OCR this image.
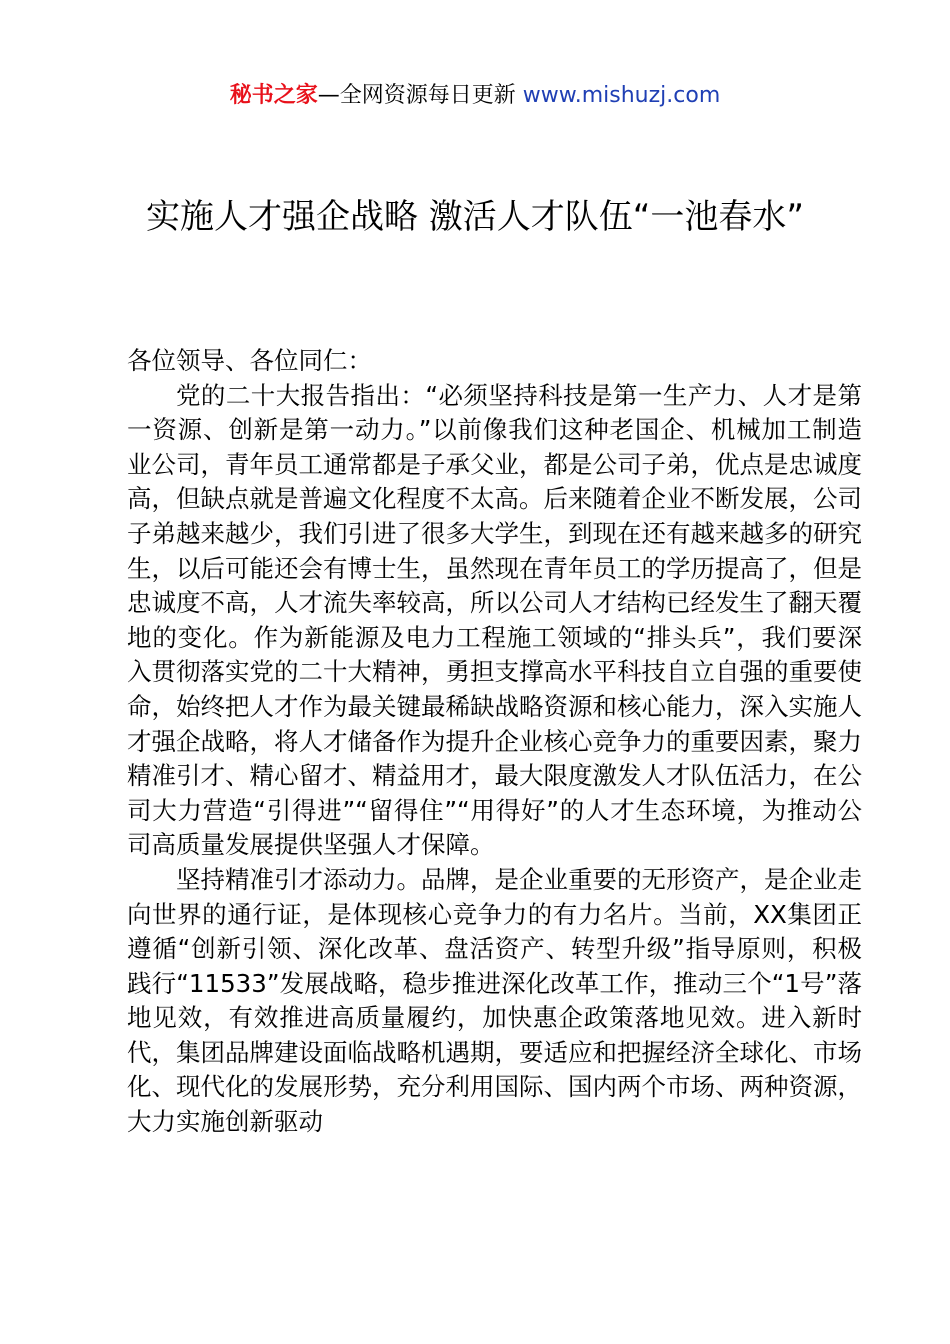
秘书之家—全网资源每日更新 www.mishuzj.com
实施人才强企战略 激活人才队伍“一池春水”

各位领导、各位同仁：

党的二十大报告指出：“必须坚持科技是第一生产力、人才是第一资源、创新是第一动力。”以前像我们这种老国企、机械加工制造业公司，青年员工通常都是子承父业，都是公司子弟，优点是忠诚度高，但缺点就是普遍文化程度不太高。后来随着企业不断发展，公司子弟越来越少，我们引进了很多大学生，到现在还有越来越多的研究生，以后可能还会有博士生，虽然现在青年员工的学历提高了，但是忠诚度不高，人才流失率较高，所以公司人才结构已经发生了翻天覆地的变化。作为新能源及电力工程施工领域的“排头兵”，我们要深入贯彻落实党的二十大精神，勇担支撑高水平科技自立自强的重要使命，始终把人才作为最关键最稀缺战略资源和核心能力，深入实施人才强企战略，将人才储备作为提升企业核心竞争力的重要因素，聚力精准引才、精心留才、精益用才，最大限度激发人才队伍活力，在公司大力营造“引得进”“留得住”“用得好”的人才生态环境，为推动公司高质量发展提供坚强人才保障。

坚持精准引才添动力。品牌，是企业重要的无形资产，是企业走向世界的通行证，是体现核心竞争力的有力名片。当前，XX集团正遵循“创新引领、深化改革、盘活资产、转型升级”指导原则，积极践行“11533”发展战略，稳步推进深化改革工作，推动三个“1号”落地见效，有效推进高质量履约，加快惠企政策落地见效。进入新时代，集团品牌建设面临战略机遇期，要适应和把握经济全球化、市场化、现代化的发展形势，充分利用国际、国内两个市场、两种资源，大力实施创新驱动
